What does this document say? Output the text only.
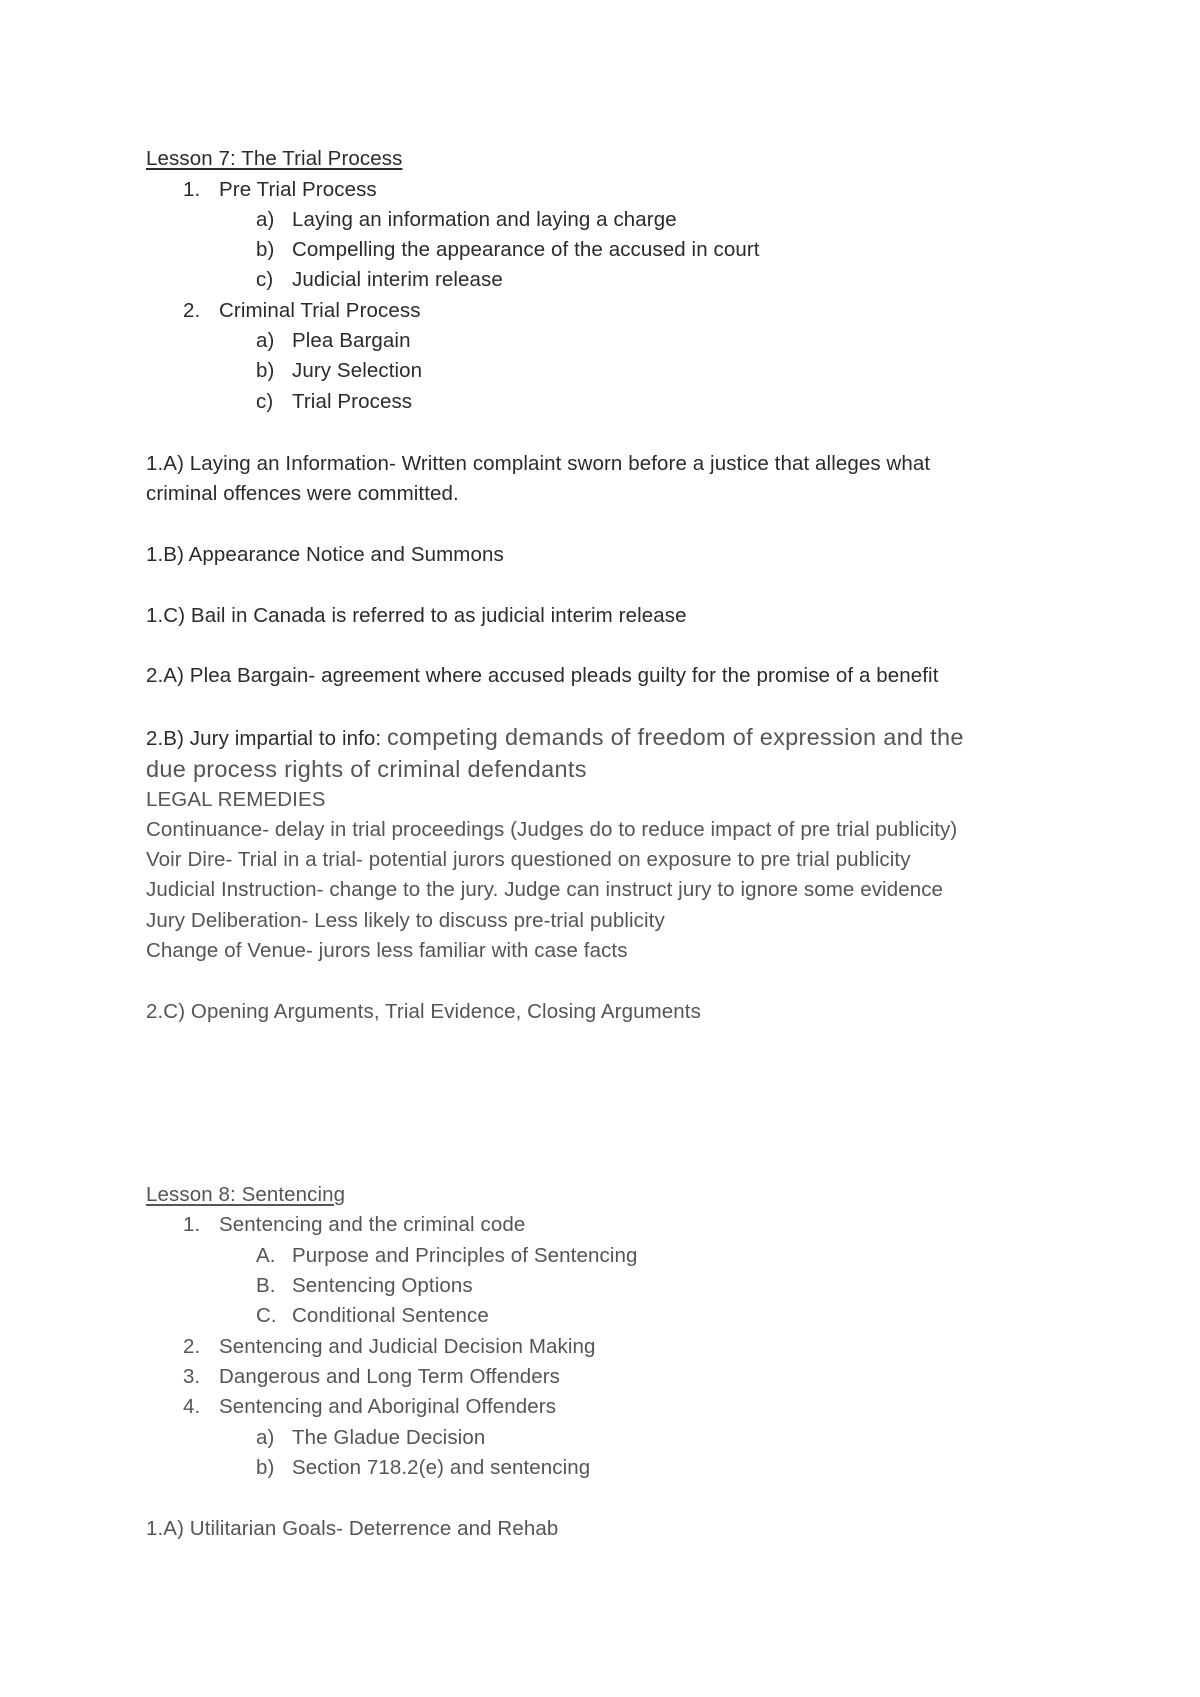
Lesson 7: The Trial Process
1. Pre Trial Process
a) Laying an information and laying a charge
b) Compelling the appearance of the accused in court
c) Judicial interim release
2. Criminal Trial Process
a) Plea Bargain
b) Jury Selection
c) Trial Process
1.A) Laying an Information- Written complaint sworn before a justice that alleges what
criminal offences were committed.
1.B) Appearance Notice and Summons
1.C) Bail in Canada is referred to as judicial interim release
2.A) Plea Bargain- agreement where accused pleads guilty for the promise of a benefit
2.B) Jury impartial to info: competing demands of freedom of expression and the
due process rights of criminal defendants
LEGAL REMEDIES
Continuance- delay in trial proceedings (Judges do to reduce impact of pre trial publicity)
Voir Dire- Trial in a trial- potential jurors questioned on exposure to pre trial publicity
Judicial Instruction- change to the jury. Judge can instruct jury to ignore some evidence
Jury Deliberation- Less likely to discuss pre-trial publicity
Change of Venue- jurors less familiar with case facts
2.C) Opening Arguments, Trial Evidence, Closing Arguments
Lesson 8: Sentencing
1. Sentencing and the criminal code
A. Purpose and Principles of Sentencing
B. Sentencing Options
C. Conditional Sentence
2. Sentencing and Judicial Decision Making
3. Dangerous and Long Term Offenders
4. Sentencing and Aboriginal Offenders
a) The Gladue Decision
b) Section 718.2(e) and sentencing
1.A) Utilitarian Goals- Deterrence and Rehab
